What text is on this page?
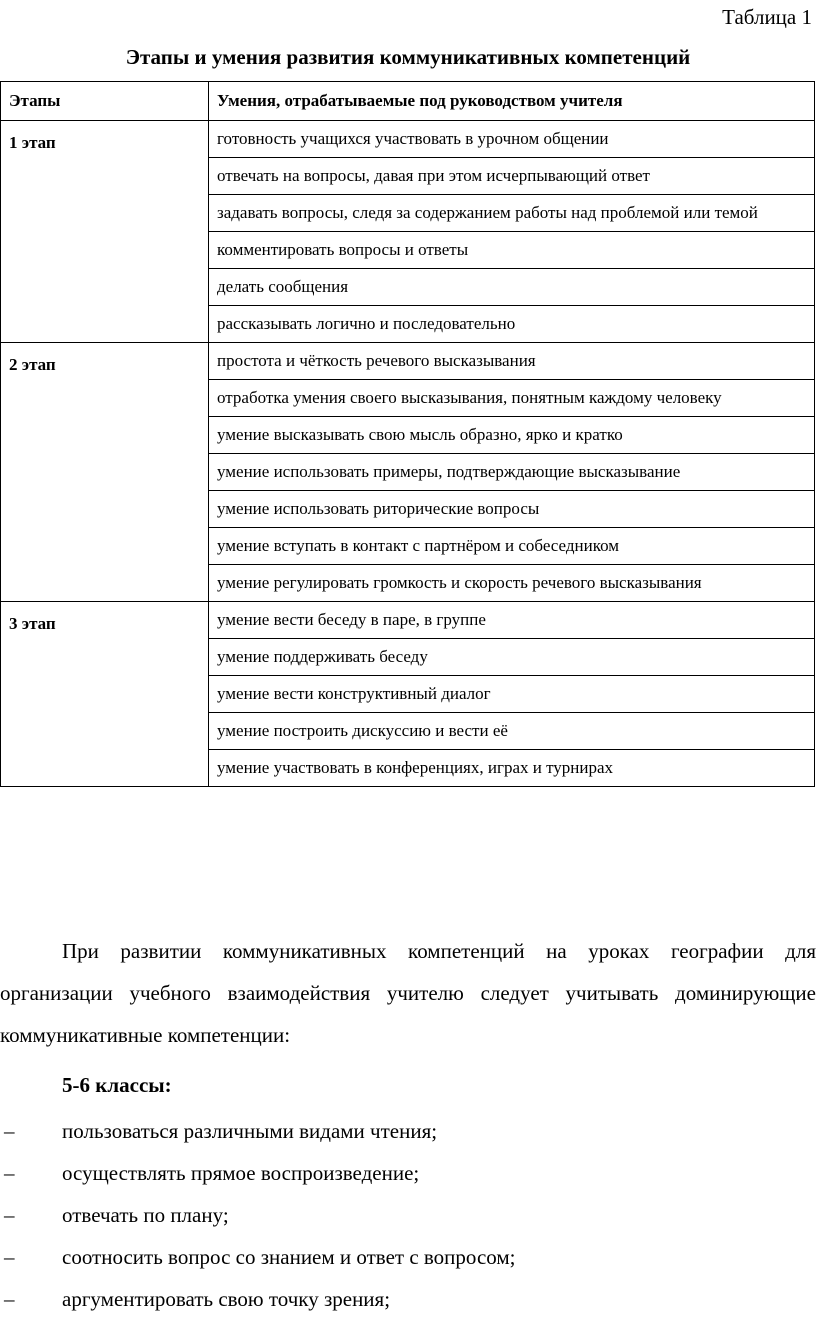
Таблица 1
Этапы и умения развития коммуникативных компетенций
Этапы	Умения, отрабатываемые под руководством учителя
1 этап	готовность учащихся участвовать в урочном общении
	отвечать на вопросы, давая при этом исчерпывающий ответ
	задавать вопросы, следя за содержанием работы над проблемой или темой
	комментировать вопросы и ответы
	делать сообщения
	рассказывать логично и последовательно
2 этап	простота и чёткость речевого высказывания
	отработка умения своего высказывания, понятным каждому человеку
	умение высказывать свою мысль образно, ярко и кратко
	умение использовать примеры, подтверждающие высказывание
	умение использовать риторические вопросы
	умение вступать в контакт с партнёром и собеседником
	умение регулировать громкость и скорость речевого высказывания
3 этап	умение вести беседу в паре, в группе
	умение поддерживать беседу
	умение вести конструктивный диалог
	умение построить дискуссию и вести её
	умение участвовать в конференциях, играх и турнирах

При развитии коммуникативных компетенций на уроках географии для организации учебного взаимодействия учителю следует учитывать доминирующие коммуникативные компетенции:

5-6 классы:
– пользоваться различными видами чтения;
– осуществлять прямое воспроизведение;
– отвечать по плану;
– соотносить вопрос со знанием и ответ с вопросом;
– аргументировать свою точку зрения;
